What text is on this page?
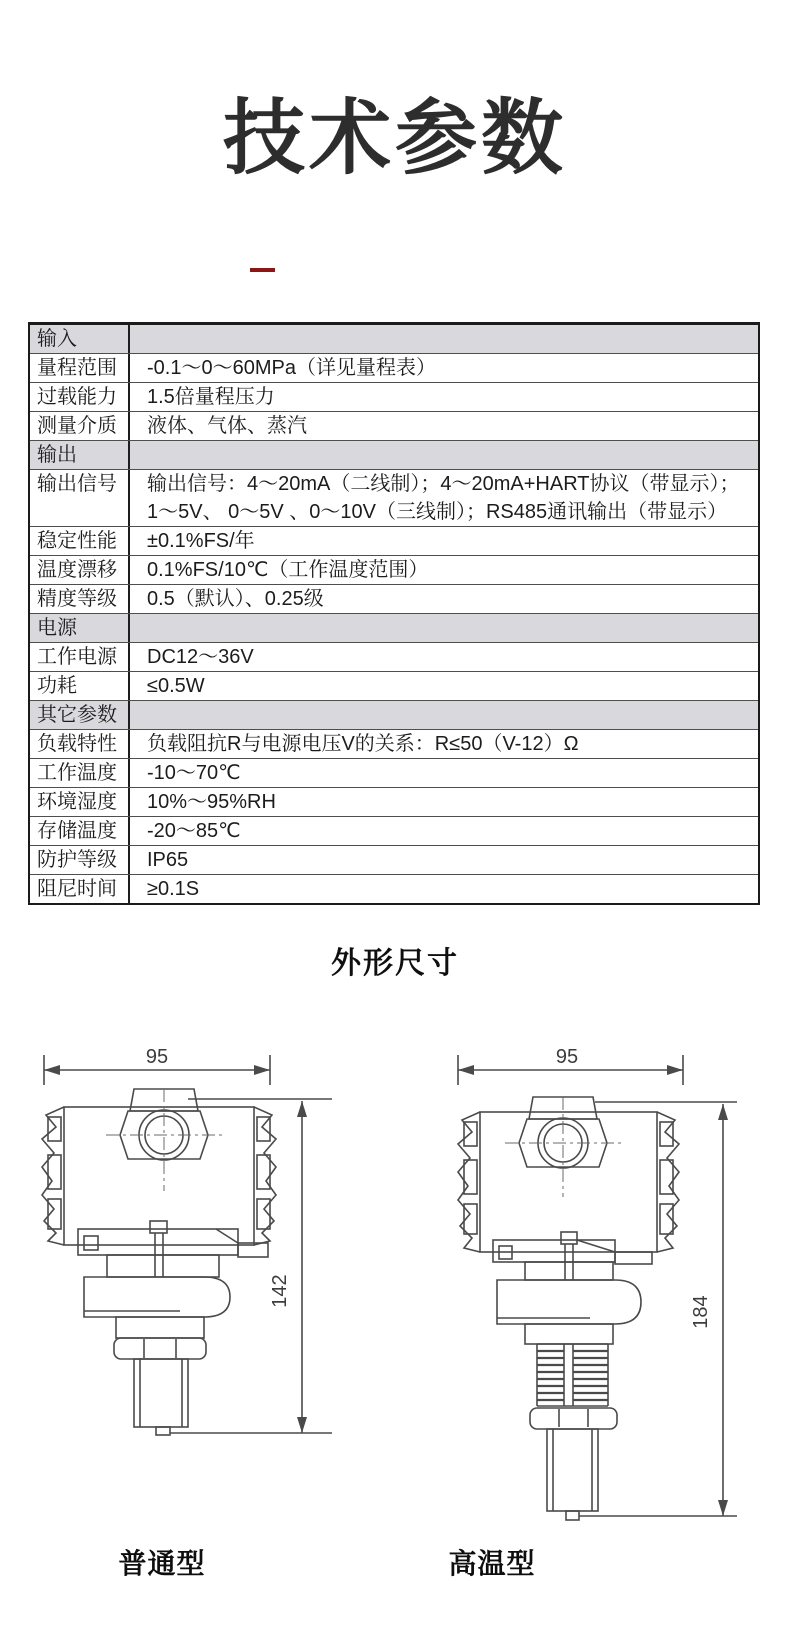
技术参数
输入
量程范围	-0.1～0～60MPa（详见量程表）
过载能力	1.5倍量程压力
测量介质	液体、气体、蒸汽
输出
输出信号	输出信号：4～20mA（二线制）；4～20mA+HART协议（带显示）；
1～5V、 0～5V 、0～10V（三线制）；RS485通讯输出（带显示）
稳定性能	±0.1%FS/年
温度漂移	0.1%FS/10℃（工作温度范围）
精度等级	0.5（默认）、0.25级
电源
工作电源	DC12～36V
功耗	≤0.5W
其它参数
负载特性	负载阻抗R与电源电压V的关系：R≤50（V-12）Ω
工作温度	-10～70℃
环境湿度	10%～95%RH
存储温度	-20～85℃
防护等级	IP65
阻尼时间	≥0.1S
外形尺寸
95
142
95
184
普通型	高温型
